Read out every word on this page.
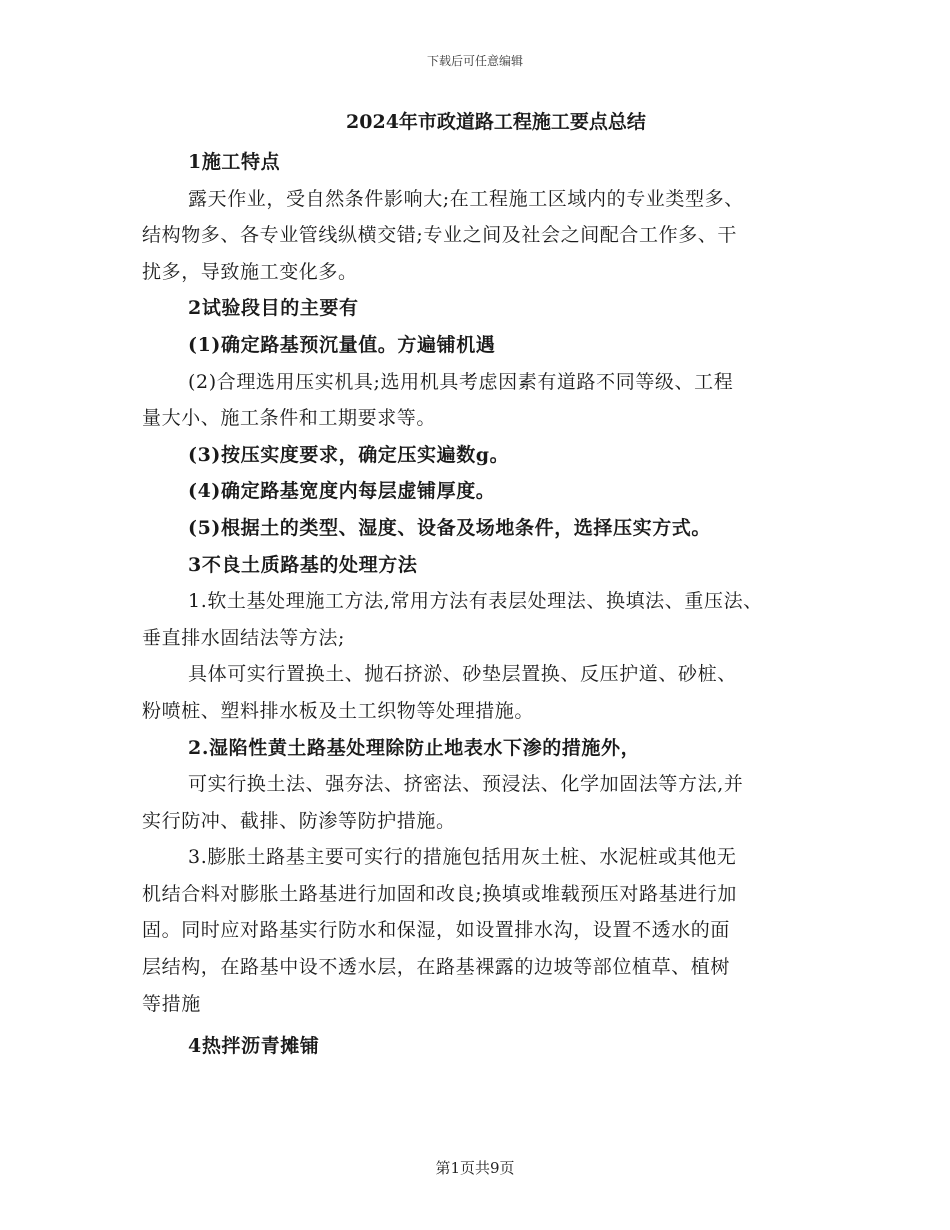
下载后可任意编辑
2024年市政道路工程施工要点总结
1施工特点
露天作业，受自然条件影响大;在工程施工区域内的专业类型多、
结构物多、各专业管线纵横交错;专业之间及社会之间配合工作多、干
扰多，导致施工变化多。
2试验段目的主要有
(1)确定路基预沉量值。方遍铺机遇
(2)合理选用压实机具;选用机具考虑因素有道路不同等级、工程
量大小、施工条件和工期要求等。
(3)按压实度要求，确定压实遍数g。
(4)确定路基宽度内每层虚铺厚度。
(5)根据土的类型、湿度、设备及场地条件，选择压实方式。
3不良土质路基的处理方法
1.软土基处理施工方法,常用方法有表层处理法、换填法、重压法、
垂直排水固结法等方法;
具体可实行置换土、抛石挤淤、砂垫层置换、反压护道、砂桩、
粉喷桩、塑料排水板及土工织物等处理措施。
2.湿陷性黄土路基处理除防止地表水下渗的措施外，
可实行换土法、强夯法、挤密法、预浸法、化学加固法等方法,并
实行防冲、截排、防渗等防护措施。
3.膨胀土路基主要可实行的措施包括用灰土桩、水泥桩或其他无
机结合料对膨胀土路基进行加固和改良;换填或堆载预压对路基进行加
固。同时应对路基实行防水和保湿，如设置排水沟，设置不透水的面
层结构，在路基中设不透水层，在路基裸露的边坡等部位植草、植树
等措施
4热拌沥青摊铺
第1页共9页
